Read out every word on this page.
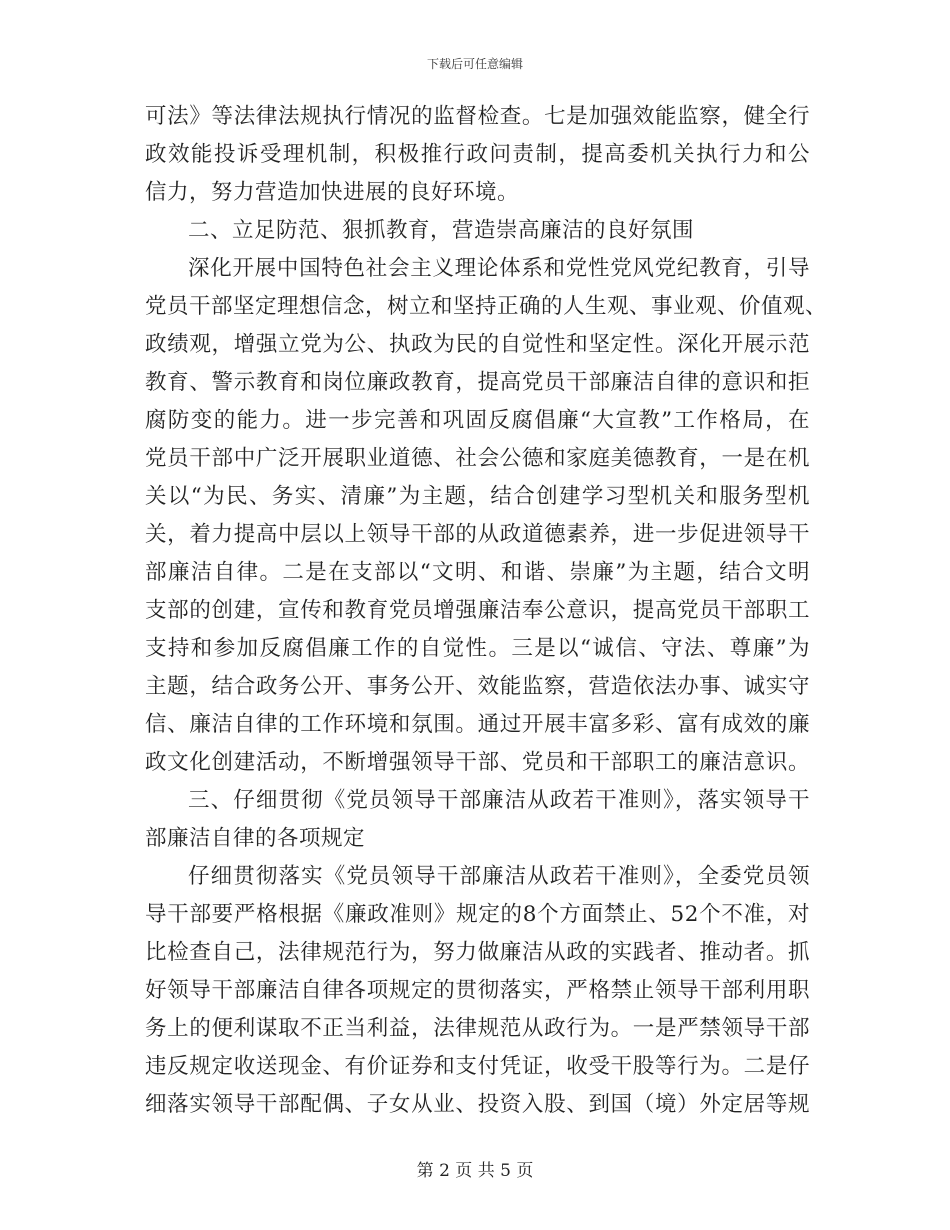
下载后可任意编辑
可法》等法律法规执行情况的监督检查。七是加强效能监察，健全行
政效能投诉受理机制，积极推行政问责制，提高委机关执行力和公
信力，努力营造加快进展的良好环境。
二、立足防范、狠抓教育，营造崇高廉洁的良好氛围
深化开展中国特色社会主义理论体系和党性党风党纪教育，引导
党员干部坚定理想信念，树立和坚持正确的人生观、事业观、价值观、
政绩观，增强立党为公、执政为民的自觉性和坚定性。深化开展示范
教育、警示教育和岗位廉政教育，提高党员干部廉洁自律的意识和拒
腐防变的能力。进一步完善和巩固反腐倡廉“大宣教”工作格局，在
党员干部中广泛开展职业道德、社会公德和家庭美德教育，一是在机
关以“为民、务实、清廉”为主题，结合创建学习型机关和服务型机
关，着力提高中层以上领导干部的从政道德素养，进一步促进领导干
部廉洁自律。二是在支部以“文明、和谐、崇廉”为主题，结合文明
支部的创建，宣传和教育党员增强廉洁奉公意识，提高党员干部职工
支持和参加反腐倡廉工作的自觉性。三是以“诚信、守法、尊廉”为
主题，结合政务公开、事务公开、效能监察，营造依法办事、诚实守
信、廉洁自律的工作环境和氛围。通过开展丰富多彩、富有成效的廉
政文化创建活动，不断增强领导干部、党员和干部职工的廉洁意识。
三、仔细贯彻《党员领导干部廉洁从政若干准则》，落实领导干
部廉洁自律的各项规定
仔细贯彻落实《党员领导干部廉洁从政若干准则》，全委党员领
导干部要严格根据《廉政准则》规定的8个方面禁止、52个不准，对
比检查自己，法律规范行为，努力做廉洁从政的实践者、推动者。抓
好领导干部廉洁自律各项规定的贯彻落实，严格禁止领导干部利用职
务上的便利谋取不正当利益，法律规范从政行为。一是严禁领导干部
违反规定收送现金、有价证券和支付凭证，收受干股等行为。二是仔
细落实领导干部配偶、子女从业、投资入股、到国（境）外定居等规
第 2 页 共 5 页
